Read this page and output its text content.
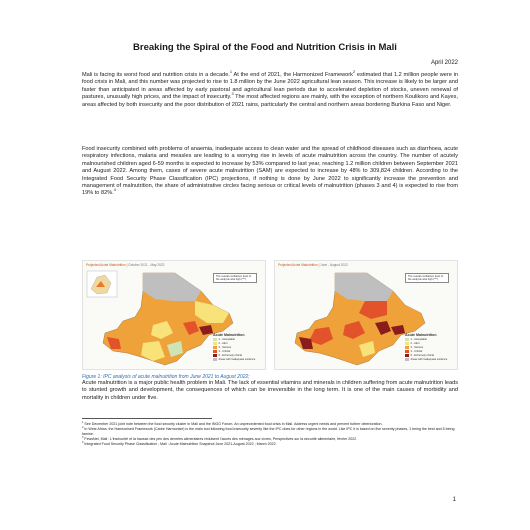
Breaking the Spiral of the Food and Nutrition Crisis in Mali
April 2022

Mali is facing its worst food and nutrition crisis in a decade.$^1$ At the end of 2021, the Harmonized Framework$^2$ estimated that 1.2 million people were in food crisis in Mali, and this number was projected to rise to 1.8 million by the June 2022 agricultural lean season. This increase is likely to be larger and faster than anticipated in areas affected by early pastoral and agricultural lean periods due to accelerated depletion of stocks, uneven renewal of pastures, unusually high prices, and the impact of insecurity.$^3$ The most affected regions are mainly, with the exception of northern Koulikoro and Kayes, areas affected by both insecurity and the poor distribution of 2021 rains, particularly the central and northern areas bordering Burkina Faso and Niger.

Food insecurity combined with problems of anaemia, inadequate access to clean water and the spread of childhood diseases such as diarrhoea, acute respiratory infections, malaria and measles are leading to a worrying rise in levels of acute malnutrition across the country. The number of acutely malnourished children aged 6-59 months is expected to increase by 53% compared to last year, reaching 1.2 million children between September 2021 and August 2022. Among them, cases of severe acute malnutrition (SAM) are expected to increase by 48% to 309,824 children. According to the Integrated Food Security Phase Classification (IPC) projections, if nothing is done by June 2022 to significantly increase the prevention and management of malnutrition, the share of administrative circles facing serious or critical levels of malnutrition (phases 3 and 4) is expected to rise from 19% to 82%.$^4$

Projected Acute Malnutrition | October 2021 - May 2022
The overall confidence level of the analysis was high (***)
Acute Malnutrition
1 - Acceptable
2 - Alert
3 - Serious
4 - Critical
5 - Extremely critical
Areas with inadequate evidence
Projected Acute Malnutrition | June - August 2022
The overall confidence level of the analysis was high (***)
Acute Malnutrition
1 - Acceptable
2 - Alert
3 - Serious
4 - Critical
5 - Extremely critical
Areas with inadequate evidence
Figure 1: IPC analysis of acute malnutrition from June 2021 to August 2022;

Acute malnutrition is a major public health problem in Mali. The lack of essential vitamins and minerals in children suffering from acute malnutrition leads to stunted growth and development, the consequences of which can be irreversible in the long term. It is one of the main causes of morbidity and mortality in children under five.

$^1$ See December 2021 joint note between the food security cluster in Mali and the INGO Forum. An unprecedented food crisis in Mali. Address urgent needs and prevent further deterioration.

$^2$ In West Africa, the Harmonised Framework (Cadre Harmonisé) is the main tool following food insecurity severity like the IPC does for other regions in the world. Like IPC it is based on five severity phases, 1 being the best and 5 being famine.

$^3$ FewsNet, Mali : L’insécurité et la hausse des prix des denrées alimentaires réduisent l’accès des ménages aux vivres, Perspectives sur la sécurité alimentaire, février 2022

$^4$ Integrated Food Security Phase Classification ; Mali : Acute Malnutrition Snapshot June 2021-August 2022 ; March 2022

1
